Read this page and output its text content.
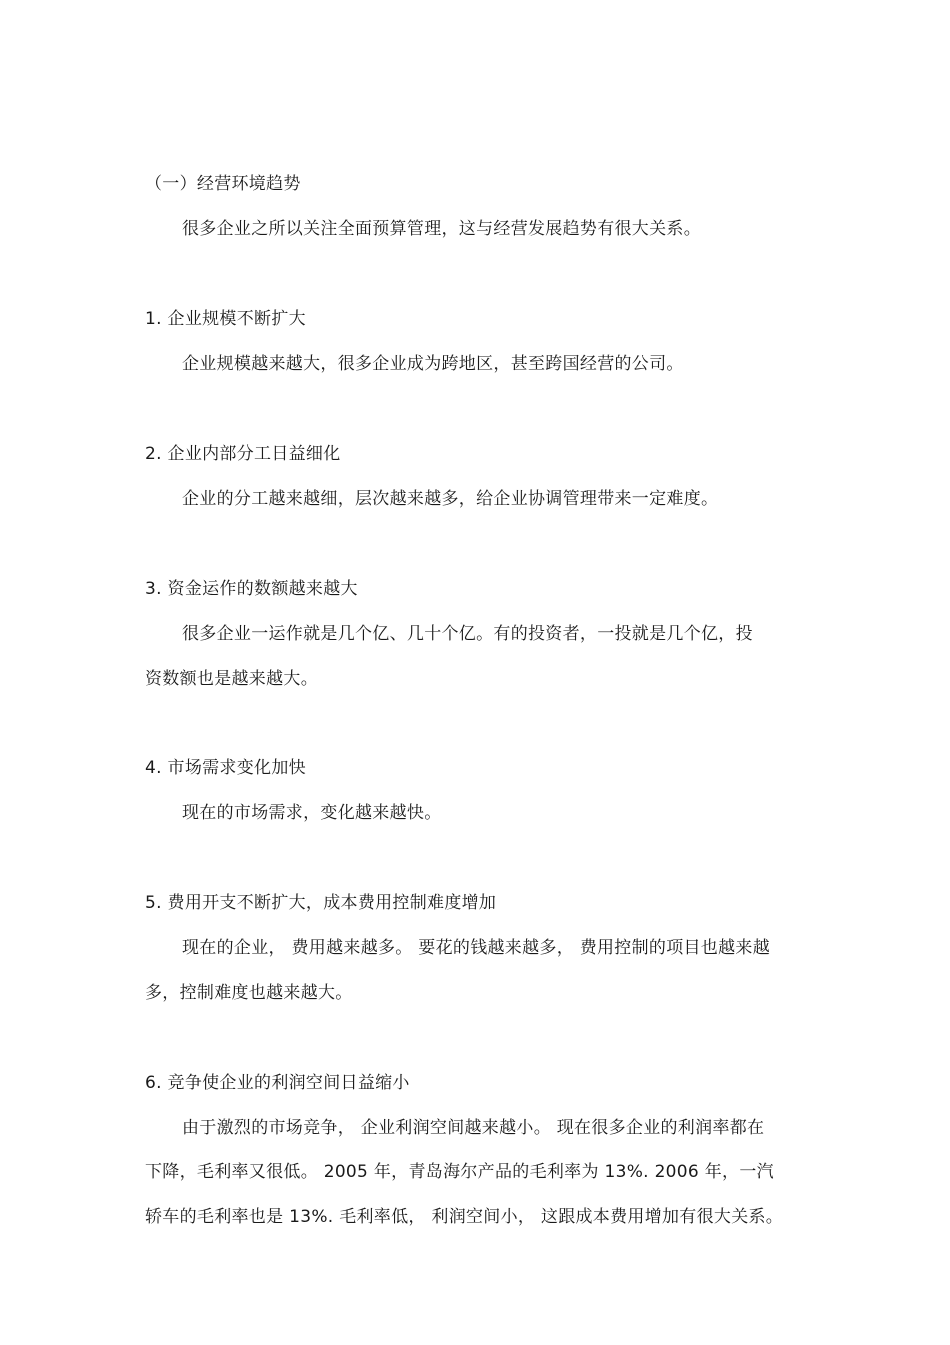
（一）经营环境趋势
很多企业之所以关注全面预算管理，这与经营发展趋势有很大关系。
1. 企业规模不断扩大
企业规模越来越大，很多企业成为跨地区，甚至跨国经营的公司。
2. 企业内部分工日益细化
企业的分工越来越细，层次越来越多，给企业协调管理带来一定难度。
3. 资金运作的数额越来越大
很多企业一运作就是几个亿、几十个亿。有的投资者，一投就是几个亿，投
资数额也是越来越大。
4. 市场需求变化加快
现在的市场需求，变化越来越快。
5. 费用开支不断扩大，成本费用控制难度增加
现在的企业， 费用越来越多。 要花的钱越来越多， 费用控制的项目也越来越
多，控制难度也越来越大。
6. 竞争使企业的利润空间日益缩小
由于激烈的市场竞争， 企业利润空间越来越小。 现在很多企业的利润率都在
下降，毛利率又很低。 2005 年，青岛海尔产品的毛利率为 13%. 2006 年，一汽
轿车的毛利率也是 13%. 毛利率低， 利润空间小， 这跟成本费用增加有很大关系。
